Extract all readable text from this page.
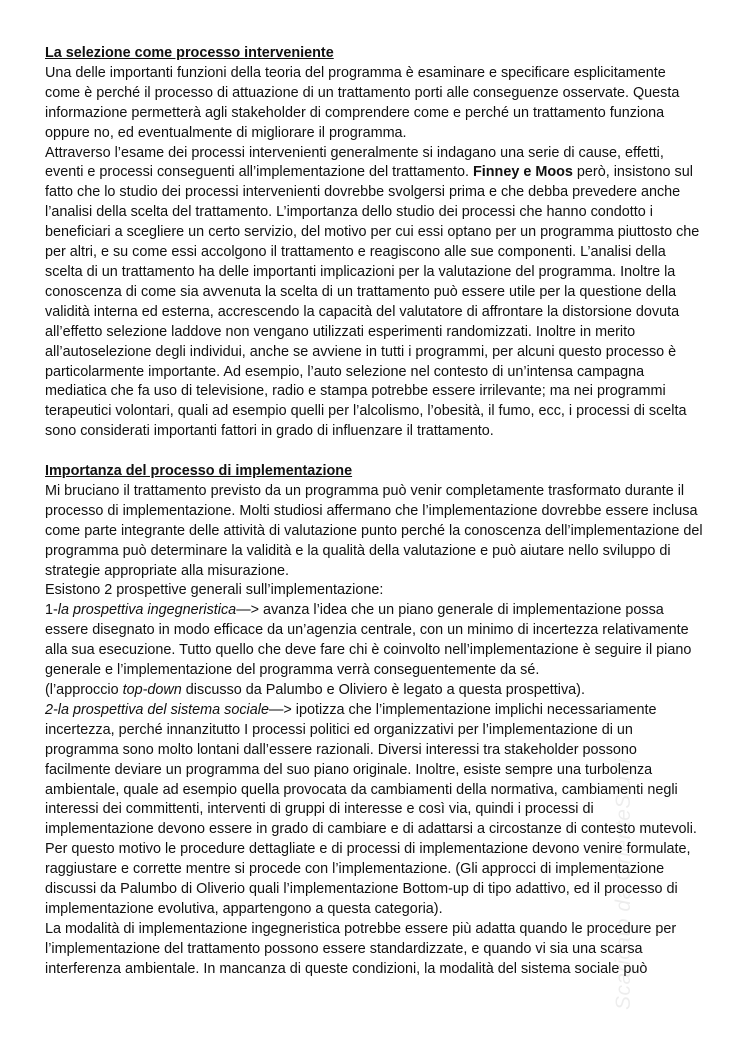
La selezione come processo interveniente

Una delle importanti funzioni della teoria del programma è esaminare e specificare esplicitamente come è perché il processo di attuazione di un trattamento porti alle conseguenze osservate. Questa informazione permetterà agli stakeholder di comprendere come e perché un trattamento funziona oppure no, ed eventualmente di migliorare il programma.

Attraverso l’esame dei processi intervenienti generalmente si indagano una serie di cause, effetti, eventi e processi conseguenti all’implementazione del trattamento. Finney e Moos però, insistono sul fatto che lo studio dei processi intervenienti dovrebbe svolgersi prima e che debba prevedere anche l’analisi della scelta del trattamento. L’importanza dello studio dei processi che hanno condotto i beneficiari a scegliere un certo servizio, del motivo per cui essi optano per un programma piuttosto che per altri, e su come essi accolgono il trattamento e reagiscono alle sue componenti. L’analisi della scelta di un trattamento ha delle importanti implicazioni per la valutazione del programma. Inoltre la conoscenza di come sia avvenuta la scelta di un trattamento può essere utile per la questione della validità interna ed esterna, accrescendo la capacità del valutatore di affrontare la distorsione dovuta all’effetto selezione laddove non vengano utilizzati esperimenti randomizzati. Inoltre in merito all’autoselezione degli individui, anche se avviene in tutti i programmi, per alcuni questo processo è particolarmente importante. Ad esempio, l’auto selezione nel contesto di un’intensa campagna mediatica che fa uso di televisione, radio e stampa potrebbe essere irrilevante; ma nei programmi terapeutici volontari, quali ad esempio quelli per l’alcolismo, l’obesità, il fumo, ecc, i processi di scelta sono considerati importanti fattori in grado di influenzare il trattamento.

Importanza del processo di implementazione

Mi bruciano il trattamento previsto da un programma può venir completamente trasformato durante il processo di implementazione. Molti studiosi affermano che l’implementazione dovrebbe essere inclusa come parte integrante delle attività di valutazione punto perché la conoscenza dell’implementazione del programma può determinare la validità e la qualità della valutazione e può aiutare nello sviluppo di strategie appropriate alla misurazione.

Esistono 2 prospettive generali sull’implementazione:

1-la prospettiva ingegneristica—> avanza l’idea che un piano generale di implementazione possa essere disegnato in modo efficace da un’agenzia centrale, con un minimo di incertezza relativamente alla sua esecuzione. Tutto quello che deve fare chi è coinvolto nell’implementazione è seguire il piano generale e l’implementazione del programma verrà conseguentemente da sé.

(l’approccio top-down discusso da Palumbo e Oliviero è legato a questa prospettiva).

2-la prospettiva del sistema sociale—> ipotizza che l’implementazione implichi necessariamente incertezza, perché innanzitutto I processi politici ed organizzativi per l’implementazione di un programma sono molto lontani dall’essere razionali. Diversi interessi tra stakeholder possono facilmente deviare un programma del suo piano originale. Inoltre, esiste sempre una turbolenza ambientale, quale ad esempio quella provocata da cambiamenti della normativa, cambiamenti negli interessi dei committenti, interventi di gruppi di interesse e così via, quindi i processi di implementazione devono essere in grado di cambiare e di adattarsi a circostanze di contesto mutevoli. Per questo motivo le procedure dettagliate e di processi di implementazione devono venire formulate, raggiustare e corrette mentre si procede con l’implementazione. (Gli approcci di implementazione discussi da Palumbo di Oliverio quali l’implementazione Bottom-up di tipo adattivo, ed il processo di implementazione evolutiva, appartengono a questa categoria).

La modalità di implementazione ingegneristica potrebbe essere più adatta quando le procedure per l’implementazione del trattamento possono essere standardizzate, e quando vi sia una scarsa interferenza ambientale. In mancanza di queste condizioni, la modalità del sistema sociale può

Scaricato da OrienteStudi
